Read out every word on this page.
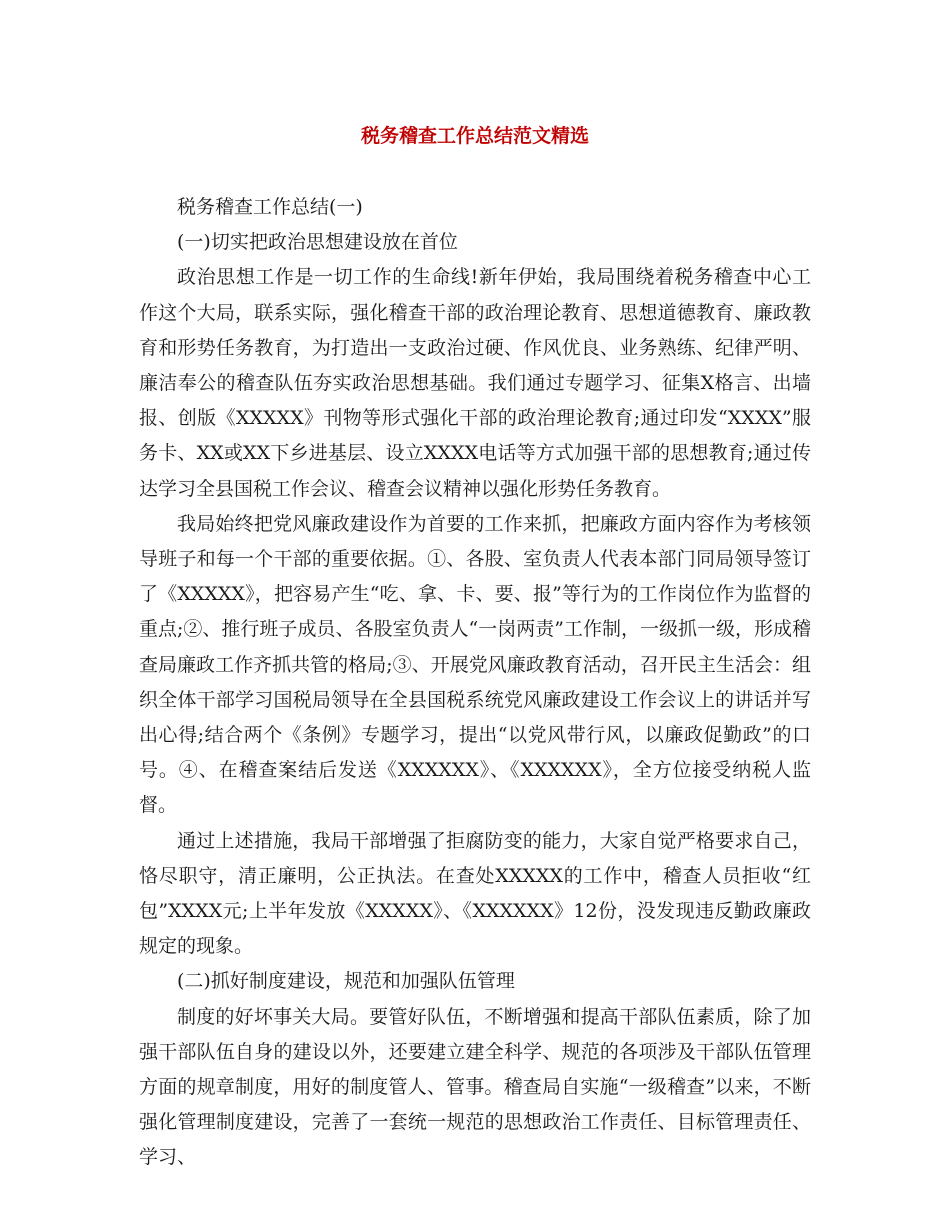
税务稽查工作总结范文精选

税务稽查工作总结(一)

(一)切实把政治思想建设放在首位

政治思想工作是一切工作的生命线!新年伊始，我局围绕着税务稽查中心工作这个大局，联系实际，强化稽查干部的政治理论教育、思想道德教育、廉政教育和形势任务教育，为打造出一支政治过硬、作风优良、业务熟练、纪律严明、廉洁奉公的稽查队伍夯实政治思想基础。我们通过专题学习、征集X格言、出墙报、创版《XXXXX》刊物等形式强化干部的政治理论教育;通过印发“XXXX”服务卡、XX或XX下乡进基层、设立XXXX电话等方式加强干部的思想教育;通过传达学习全县国税工作会议、稽查会议精神以强化形势任务教育。

我局始终把党风廉政建设作为首要的工作来抓，把廉政方面内容作为考核领导班子和每一个干部的重要依据。①、各股、室负责人代表本部门同局领导签订了《XXXXX》，把容易产生“吃、拿、卡、要、报”等行为的工作岗位作为监督的重点;②、推行班子成员、各股室负责人“一岗两责”工作制，一级抓一级，形成稽查局廉政工作齐抓共管的格局;③、开展党风廉政教育活动，召开民主生活会：组织全体干部学习国税局领导在全县国税系统党风廉政建设工作会议上的讲话并写出心得;结合两个《条例》专题学习，提出“以党风带行风，以廉政促勤政”的口号。④、在稽查案结后发送《XXXXXX》、《XXXXXX》，全方位接受纳税人监督。

通过上述措施，我局干部增强了拒腐防变的能力，大家自觉严格要求自己，恪尽职守，清正廉明，公正执法。在查处XXXXX的工作中，稽查人员拒收“红包”XXXX元;上半年发放《XXXXX》、《XXXXXX》12份，没发现违反勤政廉政规定的现象。

(二)抓好制度建设，规范和加强队伍管理

制度的好坏事关大局。要管好队伍，不断增强和提高干部队伍素质，除了加强干部队伍自身的建设以外，还要建立建全科学、规范的各项涉及干部队伍管理方面的规章制度，用好的制度管人、管事。稽查局自实施“一级稽查”以来，不断强化管理制度建设，完善了一套统一规范的思想政治工作责任、目标管理责任、学习、
